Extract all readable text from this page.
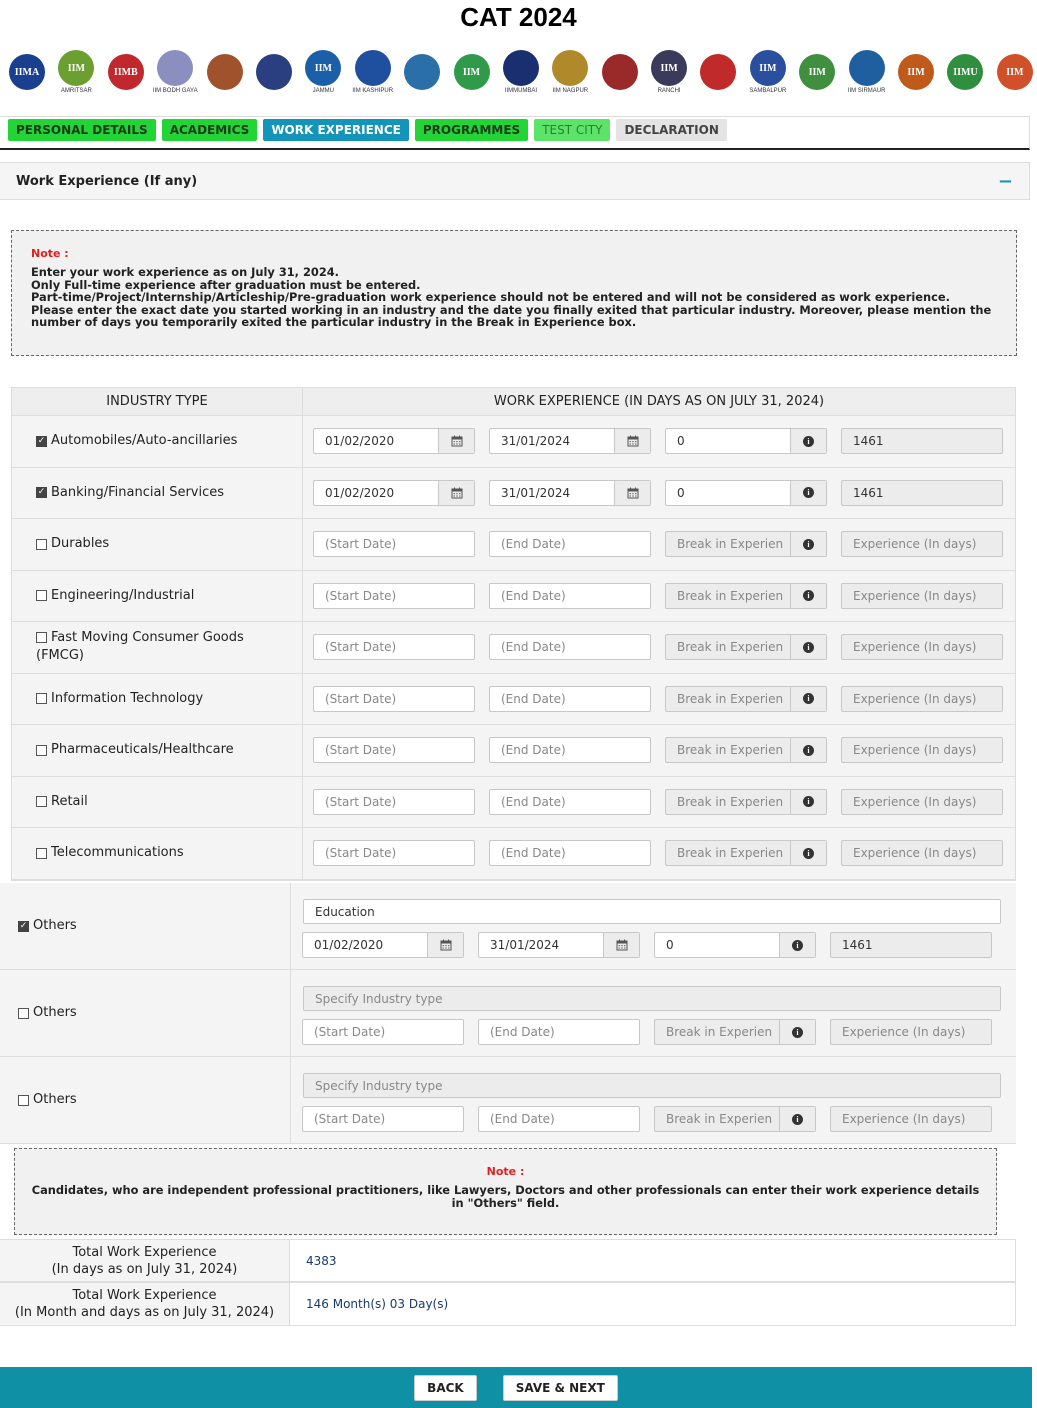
CAT 2024
IIMA	IIM
AMRITSAR
IIMB
IIM BODH GAYA
IIM
JAMMU	IIM KASHIPUR
IIM
IIMMUMBAI	IIM NAGPUR
IIM
RANCHI
IIM
SAMBALPUR
IIM
IIM SIRMAUR
IIM	IIMU	IIM
PERSONAL DETAILS	ACADEMICS	WORK EXPERIENCE	PROGRAMMES	TEST CITY	DECLARATION
Work Experience (If any)	−
Note :
Enter your work experience as on July 31, 2024.
Only Full-time experience after graduation must be entered.
Part-time/Project/Internship/Articleship/Pre-graduation work experience should not be entered and will not be considered as work experience.
Please enter the exact date you started working in an industry and the date you finally exited that particular industry. Moreover, please mention the
number of days you temporarily exited the particular industry in the Break in Experience box.
INDUSTRY TYPE	WORK EXPERIENCE (IN DAYS AS ON JULY 31, 2024)
✓ Automobiles/Auto-ancillaries	01/02/2020	31/01/2024	0	i	1461
✓ Banking/Financial Services	01/02/2020	31/01/2024	0	i	1461
Durables	(Start Date)	(End Date)	Break in Experien	i	Experience (In days)
Engineering/Industrial	(Start Date)	(End Date)	Break in Experien	i	Experience (In days)
Fast Moving Consumer Goods (FMCG)
(Start Date)	(End Date)	Break in Experien	i	Experience (In days)
Information Technology	(Start Date)	(End Date)	Break in Experien	i	Experience (In days)
Pharmaceuticals/Healthcare	(Start Date)	(End Date)	Break in Experien	i	Experience (In days)
Retail	(Start Date)	(End Date)	Break in Experien	i	Experience (In days)
Telecommunications	(Start Date)	(End Date)	Break in Experien	i	Experience (In days)
✓ Others
Education
01/02/2020	31/01/2024	0	i	1461
Others
Specify Industry type
(Start Date)	(End Date)	Break in Experien	i	Experience (In days)
Others
Specify Industry type
(Start Date)	(End Date)	Break in Experien	i	Experience (In days)
Note :
Candidates, who are independent professional practitioners, like Lawyers, Doctors and other professionals can enter their work experience details
in "Others" field.
Total Work Experience
(In days as on July 31, 2024)
4383
Total Work Experience
(In Month and days as on July 31, 2024)
146 Month(s) 03 Day(s)
BACK	SAVE & NEXT
